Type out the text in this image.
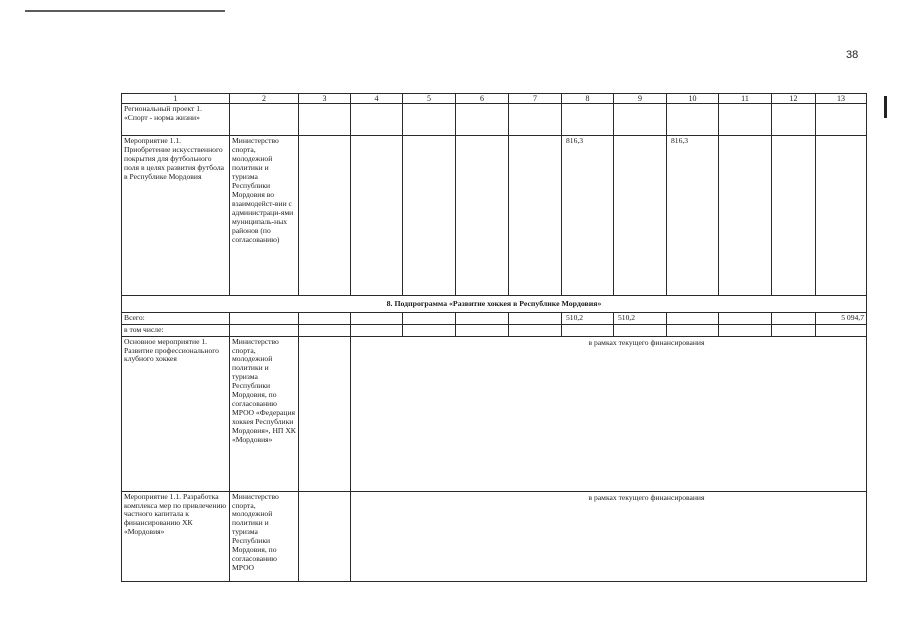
38
1	2	3	4	5	6	7	8	9	10	11	12	13
Региональный проект 1. «Спорт - норма жизни»												
Мероприятие 1.1. Приобретение искусственного покрытия для футбольного поля в целях развития футбола в Республике Мордовия	Министерство спорта, молодежной политики и туризма Республики Мордовия во взаимодейст-вии с администраци-ями муниципаль-ных районов (по согласованию)						816,3		816,3			
8. Подпрограмма «Развитие хоккея в Республике Мордовия»												
Всего:							510,2	510,2				5 094,7
в том числе:												
Основное мероприятие 1. Развитие профессионального клубного хоккея	Министерство спорта, молодежной политики и туризма Республики Мордовия, по согласованию МРОО «Федерация хоккея Республики Мордовия», НП ХК «Мордовия»		в рамках текущего финансирования									
Мероприятие 1.1. Разработка комплекса мер по привлечению частного капитала к финансированию ХК «Мордовия»	Министерство спорта, молодежной политики и туризма Республики Мордовия, по согласованию МРОО		в рамках текущего финансирования									
